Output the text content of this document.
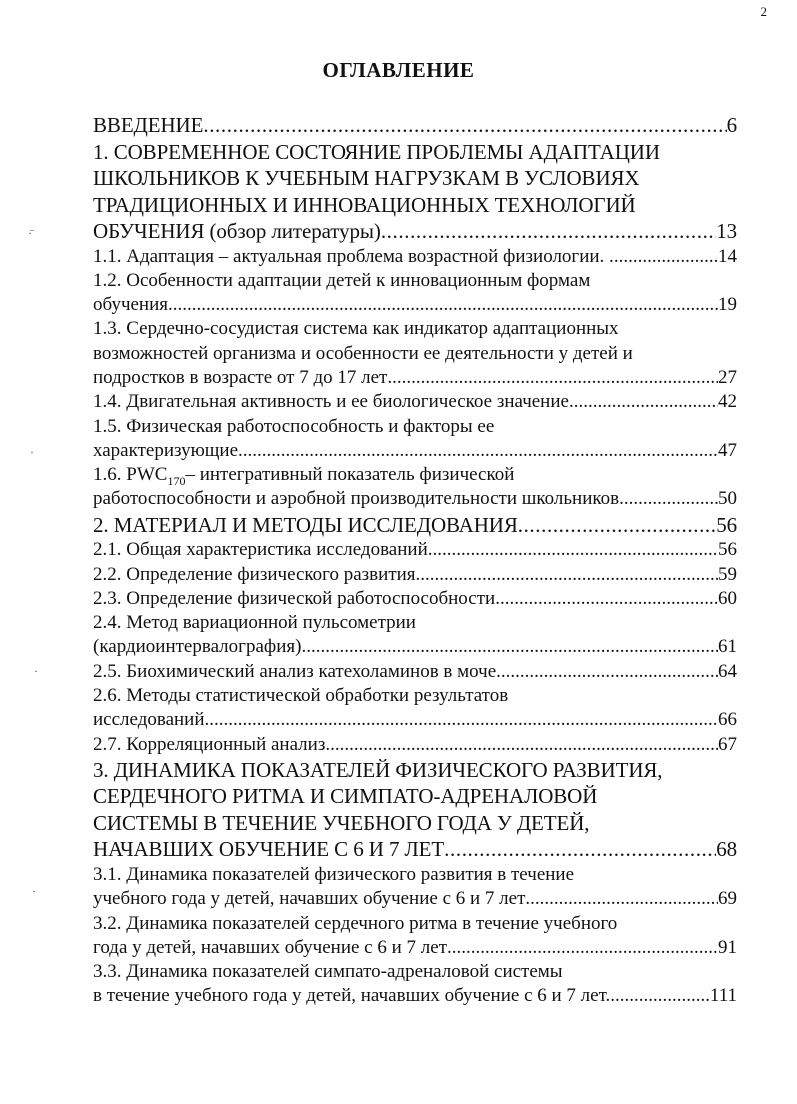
2
ОГЛАВЛЕНИЕ
ВВЕДЕНИЕ .....	6
1. СОВРЕМЕННОЕ СОСТОЯНИЕ ПРОБЛЕМЫ АДАПТАЦИИ
ШКОЛЬНИКОВ К УЧЕБНЫМ НАГРУЗКАМ В УСЛОВИЯХ
ТРАДИЦИОННЫХ И ИННОВАЦИОННЫХ ТЕХНОЛОГИЙ
ОБУЧЕНИЯ (обзор литературы) .....	13
1.1. Адаптация – актуальная проблема возрастной физиологии. . .....	14
1.2. Особенности адаптации детей к инновационным формам
обучения .....	19
1.3. Сердечно-сосудистая система как индикатор адаптационных
возможностей организма и особенности ее деятельности у детей и
подростков в возрасте от 7 до 17 лет .....	27
1.4. Двигательная активность и ее биологическое значение. .....	42
1.5. Физическая работоспособность и факторы ее
характеризующие .....	47
1.6. $PWC_{170}-$ интегративный показатель физической
работоспособности и аэробной производительности школьников. .....	50
2. МАТЕРИАЛ И МЕТОДЫ ИССЛЕДОВАНИЯ .....	56
2.1. Общая характеристика исследований .....	56
2.2. Определение физического развития .....	59
2.3. Определение физической работоспособности .....	60
2.4. Метод вариационной пульсометрии
(кардиоинтервалография) .....	61
2.5. Биохимический анализ катехоламинов в моче .....	64
2.6. Методы статистической обработки результатов
исследований .....	66
2.7. Корреляционный анализ .....	67
3. ДИНАМИКА ПОКАЗАТЕЛЕЙ ФИЗИЧЕСКОГО РАЗВИТИЯ,
СЕРДЕЧНОГО РИТМА И СИМПАТО-АДРЕНАЛОВОЙ
СИСТЕМЫ В ТЕЧЕНИЕ УЧЕБНОГО ГОДА У ДЕТЕЙ,
НАЧАВШИХ ОБУЧЕНИЕ С 6 И 7 ЛЕТ .....	68
3.1. Динамика показателей физического развития в течение
учебного года у детей, начавших обучение с 6 и 7 лет .....	69
3.2. Динамика показателей сердечного ритма в течение учебного
года у детей, начавших обучение с 6 и 7 лет .....	91
3.3. Динамика показателей симпато-адреналовой системы
в течение учебного года у детей, начавших обучение с 6 и 7 лет. .....	111
·̈
·
·
·
